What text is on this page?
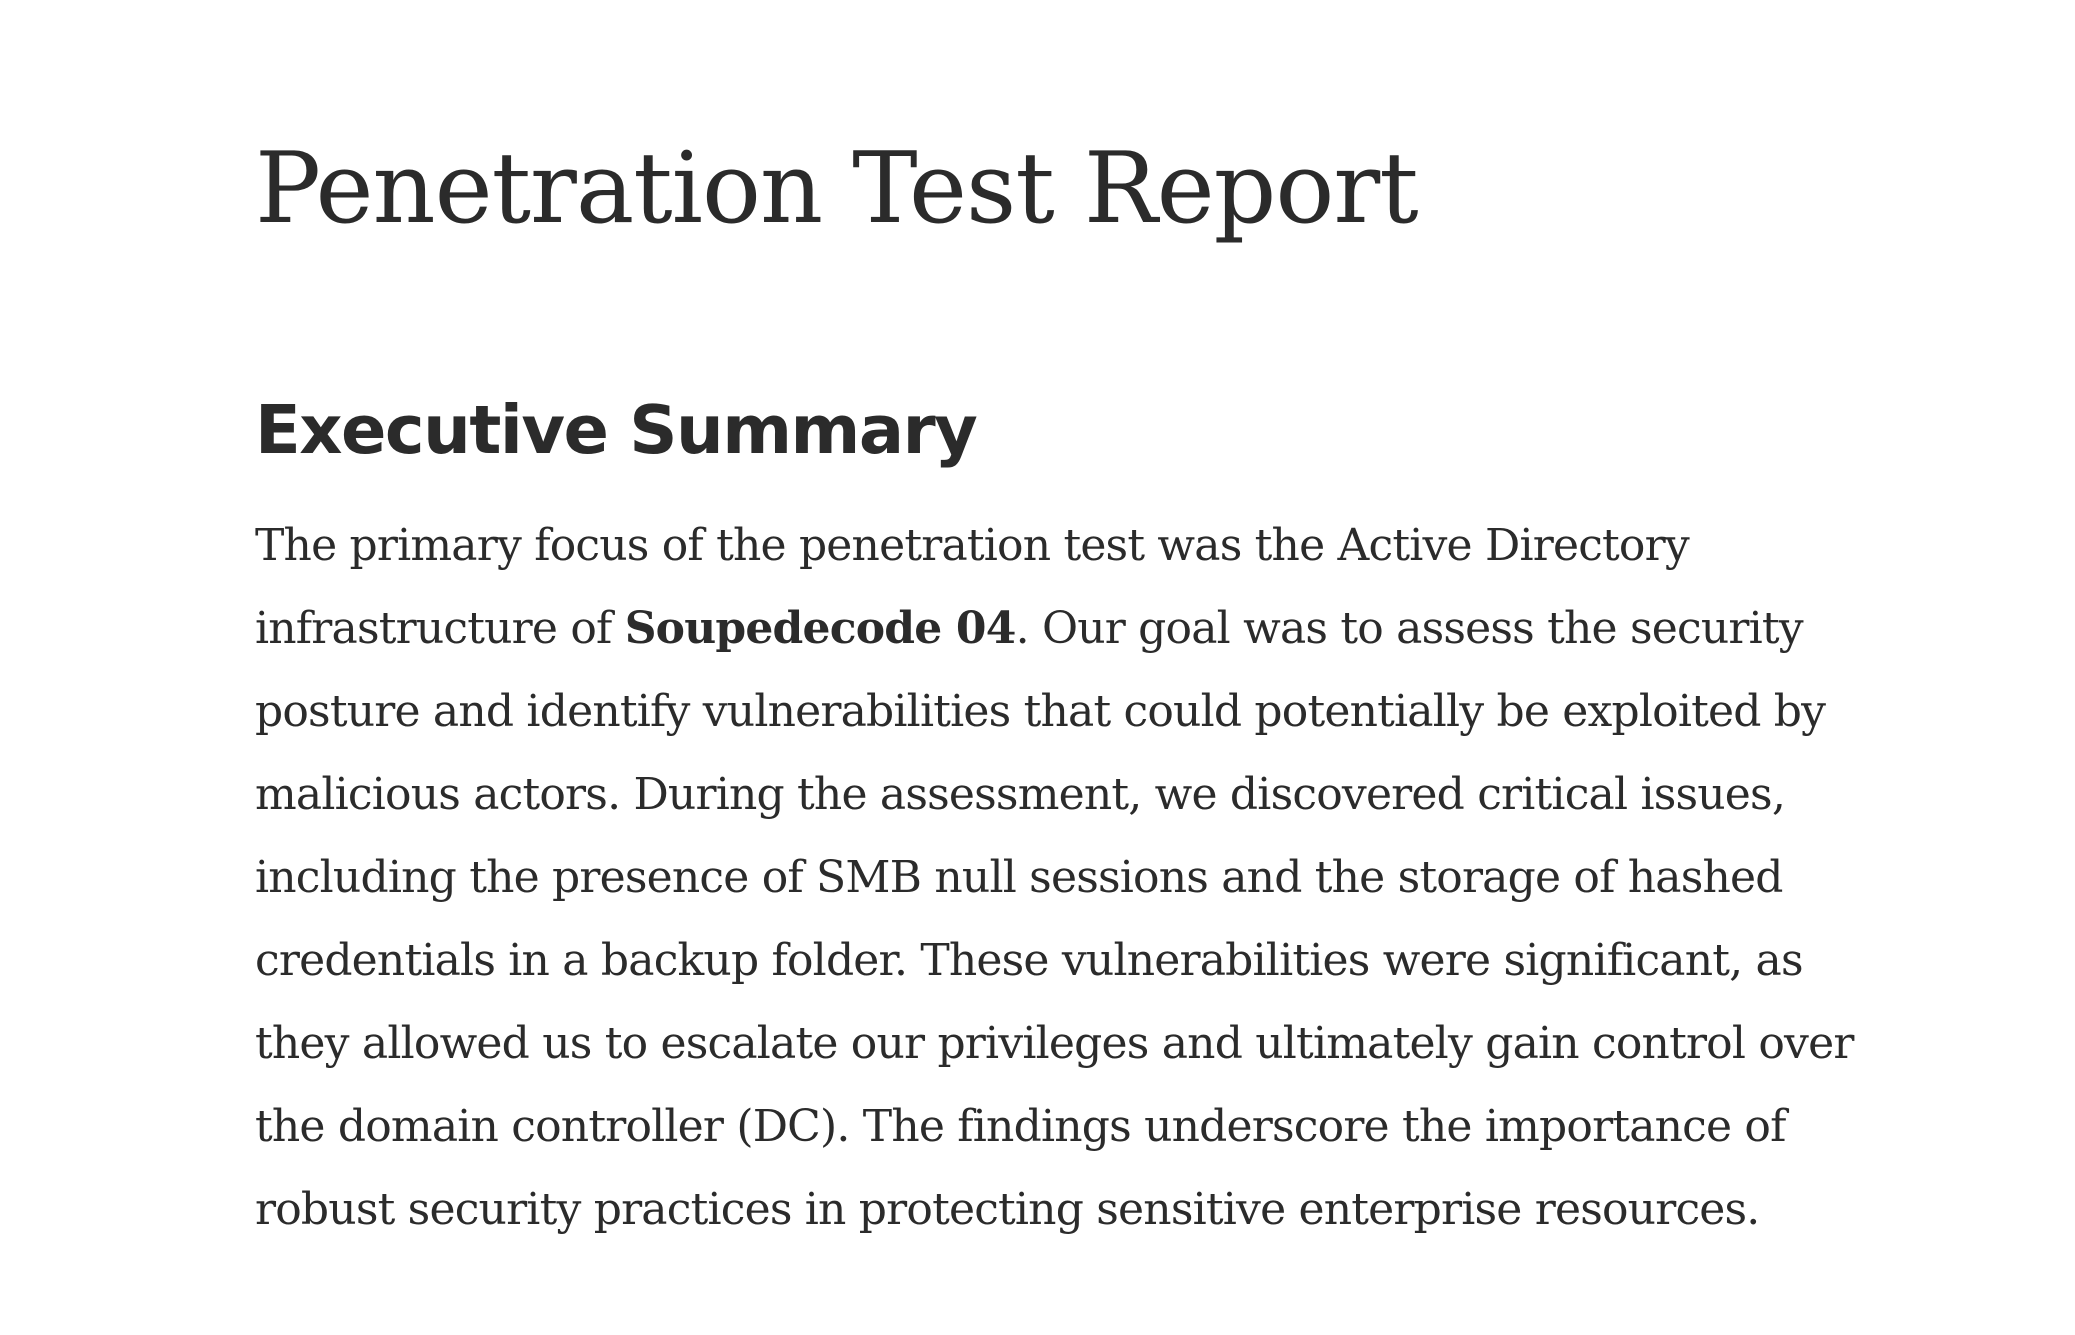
Penetration Test Report
Executive Summary

The primary focus of the penetration test was the Active Directory
infrastructure of Soupedecode 04. Our goal was to assess the security
posture and identify vulnerabilities that could potentially be exploited by
malicious actors. During the assessment, we discovered critical issues,
including the presence of SMB null sessions and the storage of hashed
credentials in a backup folder. These vulnerabilities were significant, as
they allowed us to escalate our privileges and ultimately gain control over
the domain controller (DC). The findings underscore the importance of
robust security practices in protecting sensitive enterprise resources.
